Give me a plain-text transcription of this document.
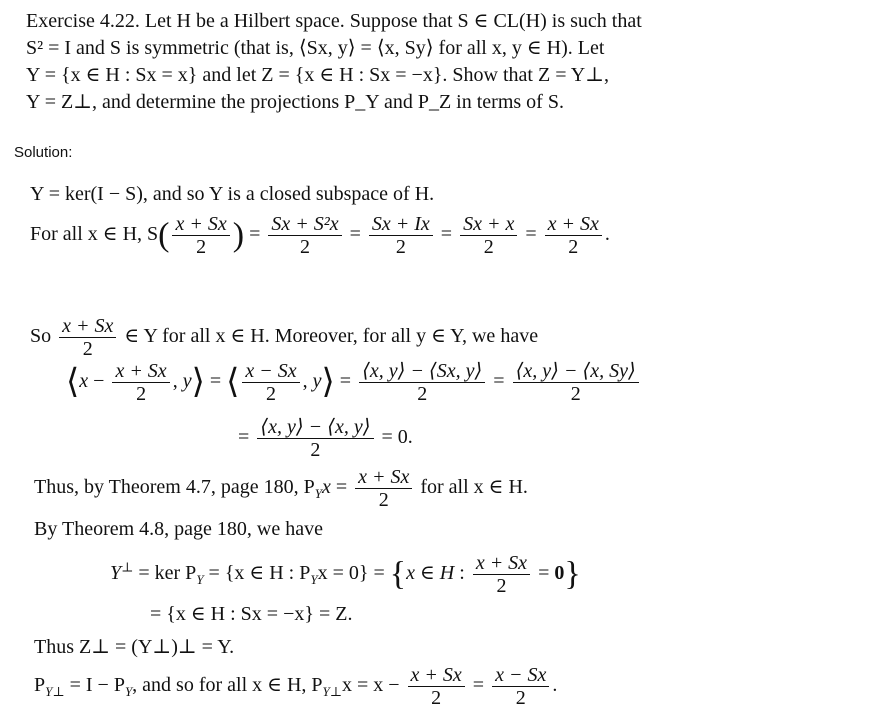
Exercise 4.22. Let H be a Hilbert space. Suppose that S ∈ CL(H) is such that
S² = I and S is symmetric (that is, ⟨Sx, y⟩ = ⟨x, Sy⟩ for all x, y ∈ H). Let
Y = {x ∈ H : Sx = x} and let Z = {x ∈ H : Sx = −x}. Show that Z = Y⊥,
Y = Z⊥, and determine the projections P_Y and P_Z in terms of S.
Solution:
Y = ker(I − S), and so Y is a closed subspace of H.
For all x ∈ H, $S( \frac{x + Sx}{2}$ ) = $\frac{\text{Sx + S²x}}{2} = \frac{Sx + Ix}{2} = \frac{Sx + x}{2} = \frac{x + Sx}{2}$ .
So $\frac{x + Sx}{2}$ ∈ Y for all x ∈ H. Moreover, for all y ∈ Y, we have
⟨x − $\frac{x + Sx}{2}$ , y⟩ = ⟨ $\frac{x - Sx}{2}$ , y⟩ = $\frac{⟨x, y⟩ - ⟨Sx, y⟩}{2} = \frac{⟨x, y⟩ - ⟨x, Sy⟩}{2}$
= $\frac{⟨x, y⟩ - ⟨x, y⟩}{2} = 0$.
Thus, by Theorem 4.7, page 180, $P_Yx = \frac{x + Sx}{2}$ for all x ∈ H.
By Theorem 4.8, page 180, we have
Y⊥ = ker $P_Y = \{x$ ∈ H : $P_Yx = 0\} = \{x$ ∈ H : $\frac{x + Sx}{2} = 0$}
= {x ∈ H : Sx = −x} = Z.
Thus Z⊥ = (Y⊥)⊥ = Y.
$P_{Y\perp} = I - P_Y$, and so for all x ∈ H, $P_{Y\perp}x = x - \frac{x + Sx}{2} = \frac{x - Sx}{2}$ .
